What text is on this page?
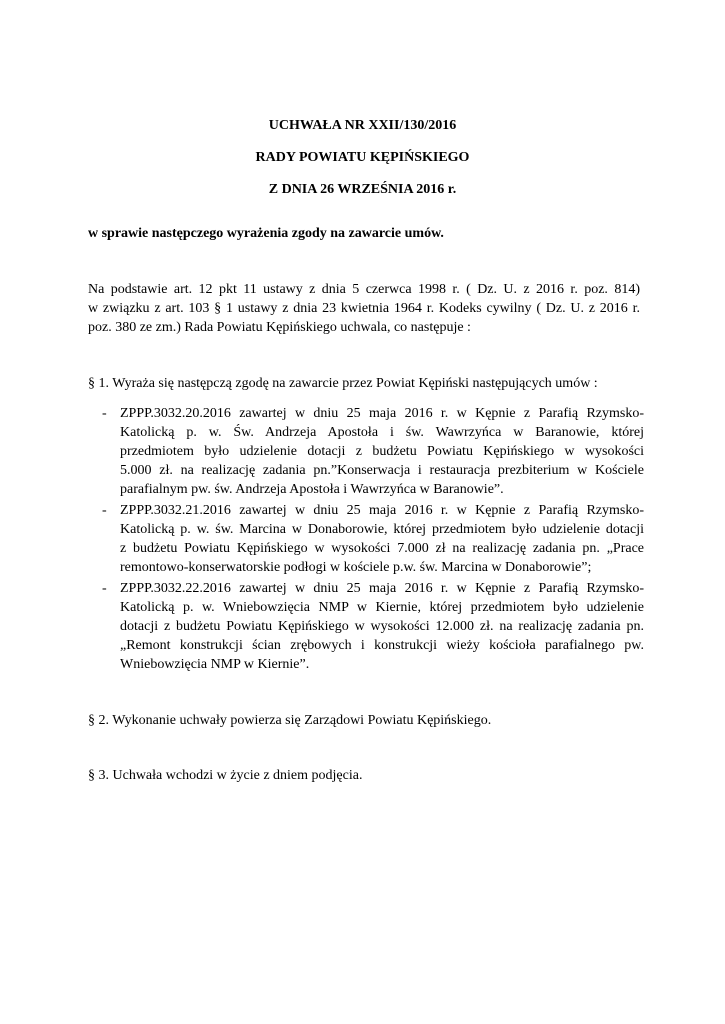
UCHWAŁA NR XXII/130/2016
RADY POWIATU KĘPIŃSKIEGO
Z DNIA 26 WRZEŚNIA 2016 r.
w sprawie następczego wyrażenia zgody na zawarcie umów.
Na podstawie art. 12 pkt 11 ustawy z dnia 5 czerwca 1998 r. ( Dz. U. z 2016 r. poz. 814)
w związku z art. 103 § 1 ustawy z dnia 23 kwietnia 1964 r. Kodeks cywilny ( Dz. U. z 2016 r.
poz. 380 ze zm.) Rada Powiatu Kępińskiego uchwala, co następuje :
§ 1. Wyraża się następczą zgodę na zawarcie przez Powiat Kępiński następujących umów :
- ZPPP.3032.20.2016 zawartej w dniu 25 maja 2016 r. w Kępnie z Parafią Rzymsko-
Katolicką p. w. Św. Andrzeja Apostoła i św. Wawrzyńca w Baranowie, której
przedmiotem było udzielenie dotacji z budżetu Powiatu Kępińskiego w wysokości
5.000 zł. na realizację zadania pn.”Konserwacja i restauracja prezbiterium w Kościele
parafialnym pw. św. Andrzeja Apostoła i Wawrzyńca w Baranowie”.
- ZPPP.3032.21.2016 zawartej w dniu 25 maja 2016 r. w Kępnie z Parafią Rzymsko-
Katolicką p. w. św. Marcina w Donaborowie, której przedmiotem było udzielenie dotacji
z budżetu Powiatu Kępińskiego w wysokości 7.000 zł na realizację zadania pn. „Prace
remontowo-konserwatorskie podłogi w kościele p.w. św. Marcina w Donaborowie”;
- ZPPP.3032.22.2016 zawartej w dniu 25 maja 2016 r. w Kępnie z Parafią Rzymsko-
Katolicką p. w. Wniebowzięcia NMP w Kiernie, której przedmiotem było udzielenie
dotacji z budżetu Powiatu Kępińskiego w wysokości 12.000 zł. na realizację zadania pn.
„Remont konstrukcji ścian zrębowych i konstrukcji wieży kościoła parafialnego pw.
Wniebowzięcia NMP w Kiernie”.
§ 2. Wykonanie uchwały powierza się Zarządowi Powiatu Kępińskiego.
§ 3. Uchwała wchodzi w życie z dniem podjęcia.
